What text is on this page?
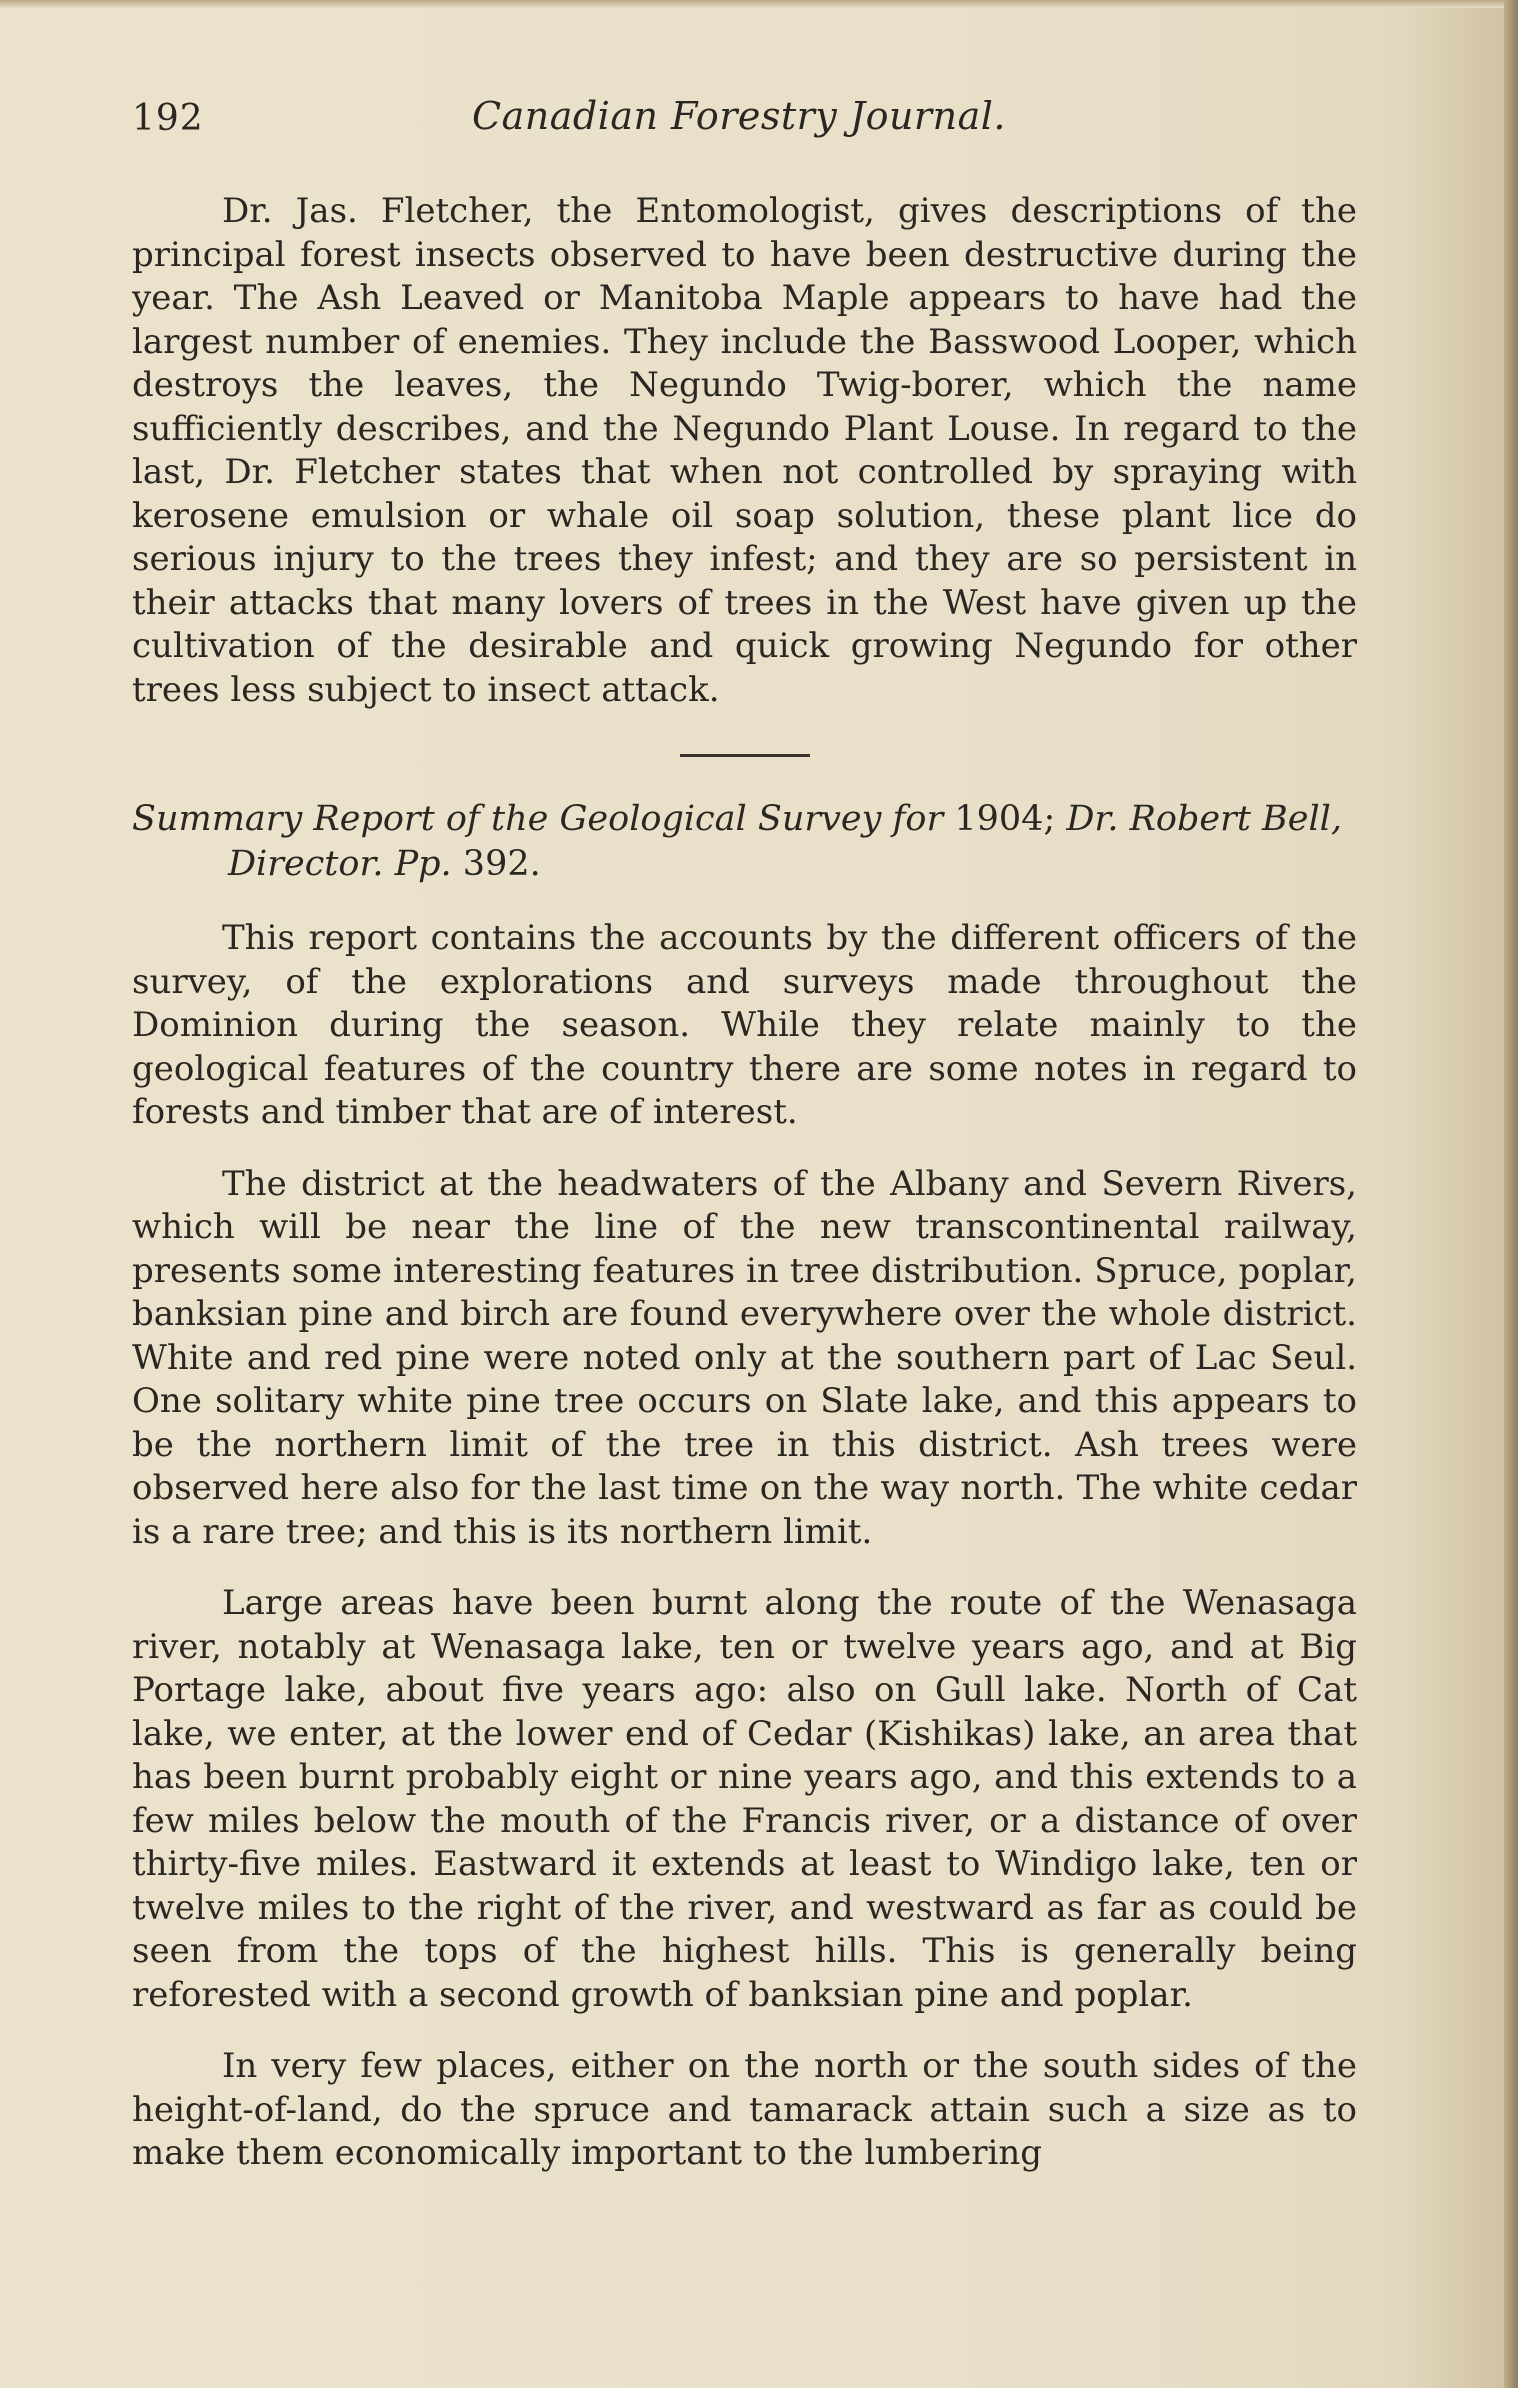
192	Canadian Forestry Journal.

Dr. Jas. Fletcher, the Entomologist, gives descriptions of the principal forest insects observed to have been destructive during the year. The Ash Leaved or Manitoba Maple appears to have had the largest number of enemies. They include the Basswood Looper, which destroys the leaves, the Negundo Twig-borer, which the name sufficiently describes, and the Negundo Plant Louse. In regard to the last, Dr. Fletcher states that when not controlled by spraying with kerosene emulsion or whale oil soap solution, these plant lice do serious injury to the trees they infest; and they are so persistent in their attacks that many lovers of trees in the West have given up the cultivation of the desirable and quick growing Negundo for other trees less subject to insect attack.

Summary Report of the Geological Survey for 1904; Dr. Robert Bell, Director. Pp. 392.

This report contains the accounts by the different officers of the survey, of the explorations and surveys made throughout the Dominion during the season. While they relate mainly to the geological features of the country there are some notes in regard to forests and timber that are of interest.

The district at the headwaters of the Albany and Severn Rivers, which will be near the line of the new transcontinental railway, presents some interesting features in tree distribution. Spruce, poplar, banksian pine and birch are found everywhere over the whole district. White and red pine were noted only at the southern part of Lac Seul. One solitary white pine tree occurs on Slate lake, and this appears to be the northern limit of the tree in this district. Ash trees were observed here also for the last time on the way north. The white cedar is a rare tree; and this is its northern limit.

Large areas have been burnt along the route of the Wenasaga river, notably at Wenasaga lake, ten or twelve years ago, and at Big Portage lake, about five years ago: also on Gull lake. North of Cat lake, we enter, at the lower end of Cedar (Kishikas) lake, an area that has been burnt probably eight or nine years ago, and this extends to a few miles below the mouth of the Francis river, or a distance of over thirty-five miles. Eastward it extends at least to Windigo lake, ten or twelve miles to the right of the river, and westward as far as could be seen from the tops of the highest hills. This is generally being reforested with a second growth of banksian pine and poplar.

In very few places, either on the north or the south sides of the height-of-land, do the spruce and tamarack attain such a size as to make them economically important to the lumbering
